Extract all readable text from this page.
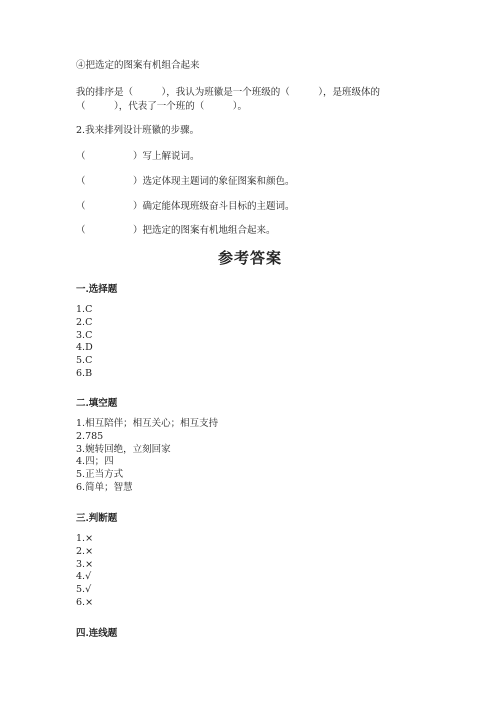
④把选定的图案有机组合起来
我的排序是（　　　），我认为班徽是一个班级的（　　　），是班级体的（　　　），代表了一个班的（　　　）。
2.我来排列设计班徽的步骤。
（　　　　　）写上解说词。
（　　　　　）选定体现主题词的象征图案和颜色。
（　　　　　）确定能体现班级奋斗目标的主题词。
（　　　　　）把选定的图案有机地组合起来。
参考答案
一.选择题
1.C
2.C
3.C
4.D
5.C
6.B
二.填空题
1.相互陪伴；相互关心；相互支持
2.785
3.婉转回绝，立刻回家
4.四；四
5.正当方式
6.简单；智慧
三.判断题
1.×
2.×
3.×
4.√
5.√
6.×
四.连线题
